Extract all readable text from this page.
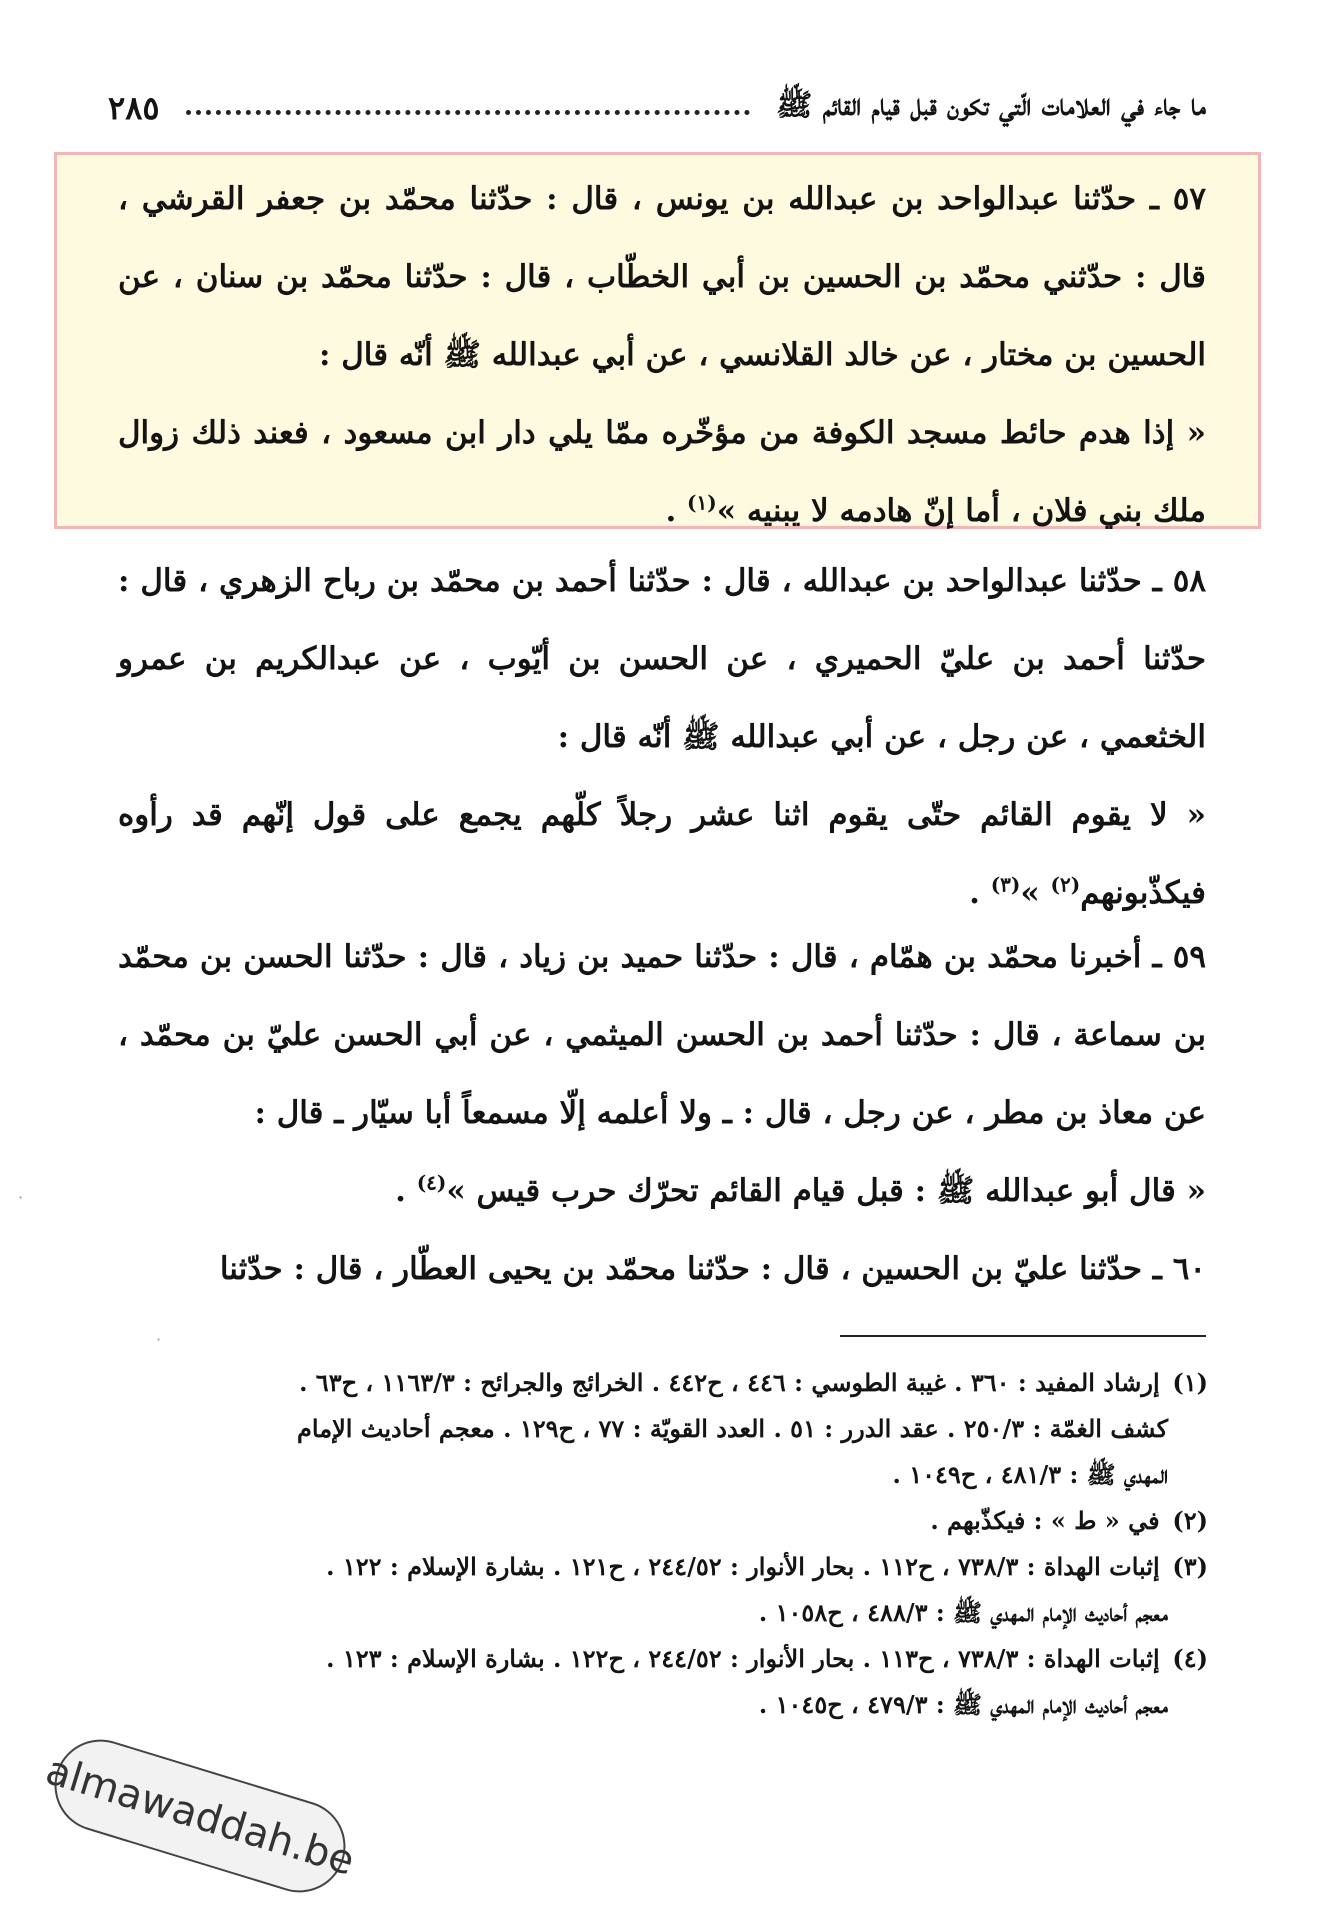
ما جاء في العلامات الّتي تكون قبل قيام القائم ﷺ
٢٨٥
٥٧ ـ حدّثنا عبدالواحد بن عبدالله بن يونس ، قال : حدّثنا محمّد بن جعفر القرشي ، قال : حدّثني محمّد بن الحسين بن أبي الخطّاب ، قال : حدّثنا محمّد بن سنان ، عن الحسين بن مختار ، عن خالد القلانسي ، عن أبي عبدالله ﷺ أنّه قال :
« إذا هدم حائط مسجد الكوفة من مؤخّره ممّا يلي دار ابن مسعود ، فعند ذلك زوال ملك بني فلان ، أما إنّ هادمه لا يبنيه »$^{(١)}$ .
٥٨ ـ حدّثنا عبدالواحد بن عبدالله ، قال : حدّثنا أحمد بن محمّد بن رباح الزهري ، قال : حدّثنا أحمد بن عليّ الحميري ، عن الحسن بن أيّوب ، عن عبدالكريم بن عمرو الخثعمي ، عن رجل ، عن أبي عبدالله ﷺ أنّه قال :
« لا يقوم القائم حتّى يقوم اثنا عشر رجلاً كلّهم يجمع على قول إنّهم قد رأوه فيكذّبونهم$^{(٢)}$ »$^{(٣)}$ .
٥٩ ـ أخبرنا محمّد بن همّام ، قال : حدّثنا حميد بن زياد ، قال : حدّثنا الحسن بن محمّد بن سماعة ، قال : حدّثنا أحمد بن الحسن الميثمي ، عن أبي الحسن عليّ بن محمّد ، عن معاذ بن مطر ، عن رجل ، قال : ـ ولا أعلمه إلّا مسمعاً أبا سيّار ـ قال :
« قال أبو عبدالله ﷺ : قبل قيام القائم تحرّك حرب قيس »$^{(٤)}$ .
٦٠ ـ حدّثنا عليّ بن الحسين ، قال : حدّثنا محمّد بن يحيى العطّار ، قال : حدّثنا
(١) إرشاد المفيد : ٣٦٠ . غيبة الطوسي : ٤٤٦ ، ح٤٤٢ . الخرائج والجرائح : ١١٦٣/٣ ، ح٦٣ .
كشف الغمّة : ٢٥٠/٣ . عقد الدرر : ٥١ . العدد القويّة : ٧٧ ، ح١٢٩ . معجم أحاديث الإمام
المهدي ﷺ : ٤٨١/٣ ، ح١٠٤٩ .
(٢) في « ط » : فيكذّبهم .
(٣) إثبات الهداة : ٧٣٨/٣ ، ح١١٢ . بحار الأنوار : ٢٤٤/٥٢ ، ح١٢١ . بشارة الإسلام : ١٢٢ .
معجم أحاديث الإمام المهدي ﷺ : ٤٨٨/٣ ، ح١٠٥٨ .
(٤) إثبات الهداة : ٧٣٨/٣ ، ح١١٣ . بحار الأنوار : ٢٤٤/٥٢ ، ح١٢٢ . بشارة الإسلام : ١٢٣ .
معجم أحاديث الإمام المهدي ﷺ : ٤٧٩/٣ ، ح١٠٤٥ .
almawaddah.be
·
·
